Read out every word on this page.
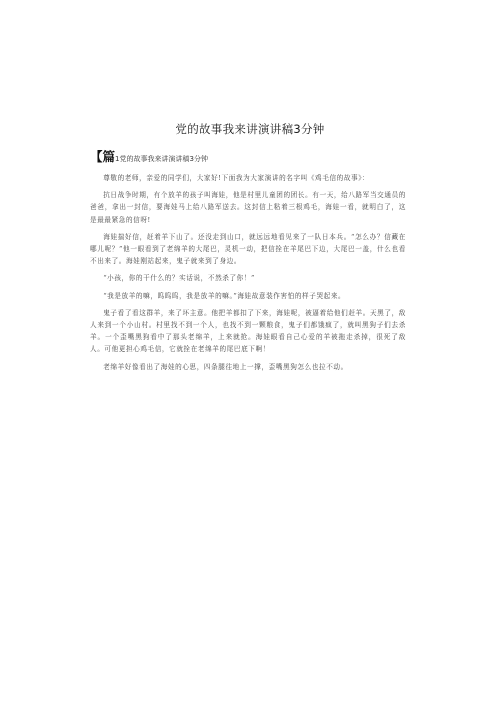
党的故事我来讲演讲稿3分钟
【篇1党的故事我来讲演讲稿3分钟

尊敬的老师，亲爱的同学们，大家好!下面我为大家演讲的名字叫《鸡毛信的故事》：

抗日战争时期，有个放羊的孩子叫海娃，他是村里儿童团的团长。有一天，给八路军当交通员的爸爸，拿出一封信，要海娃马上给八路军送去。这封信上粘着三根鸡毛，海娃一看，就明白了，这是最最紧急的信呀!

海娃揣好信，赶着羊下山了。还没走到山口，就远远地看见来了一队日本兵。“怎么办？信藏在哪儿呢？”他一眼看到了老绵羊的大尾巴，灵机一动，把信拴在羊尾巴下边，大尾巴一盖，什么也看不出来了。海娃刚站起来，鬼子就来到了身边。

“小孩，你的干什么的？实话说，不然杀了你！”

“我是放羊的嘛，呜呜呜，我是放羊的嘛。”海娃故意装作害怕的样子哭起来。

鬼子看了看这群羊，来了坏主意。他把羊都扣了下来，海娃呢，被逼着给他们赶羊。天黑了，敌人来到一个小山村。村里找不到一个人，也找不到一颗粮食，鬼子们都饿疯了，就叫黑狗子们去杀羊。一个歪嘴黑狗看中了那头老绵羊，上来就抢。海娃眼看自己心爱的羊被拖走杀掉，很死了敌人。可他更担心鸡毛信，它就拴在老绵羊的尾巴底下啊！

老绵羊好像看出了海娃的心思，四条腿往地上一撑，歪嘴黑狗怎么也拉不动。
